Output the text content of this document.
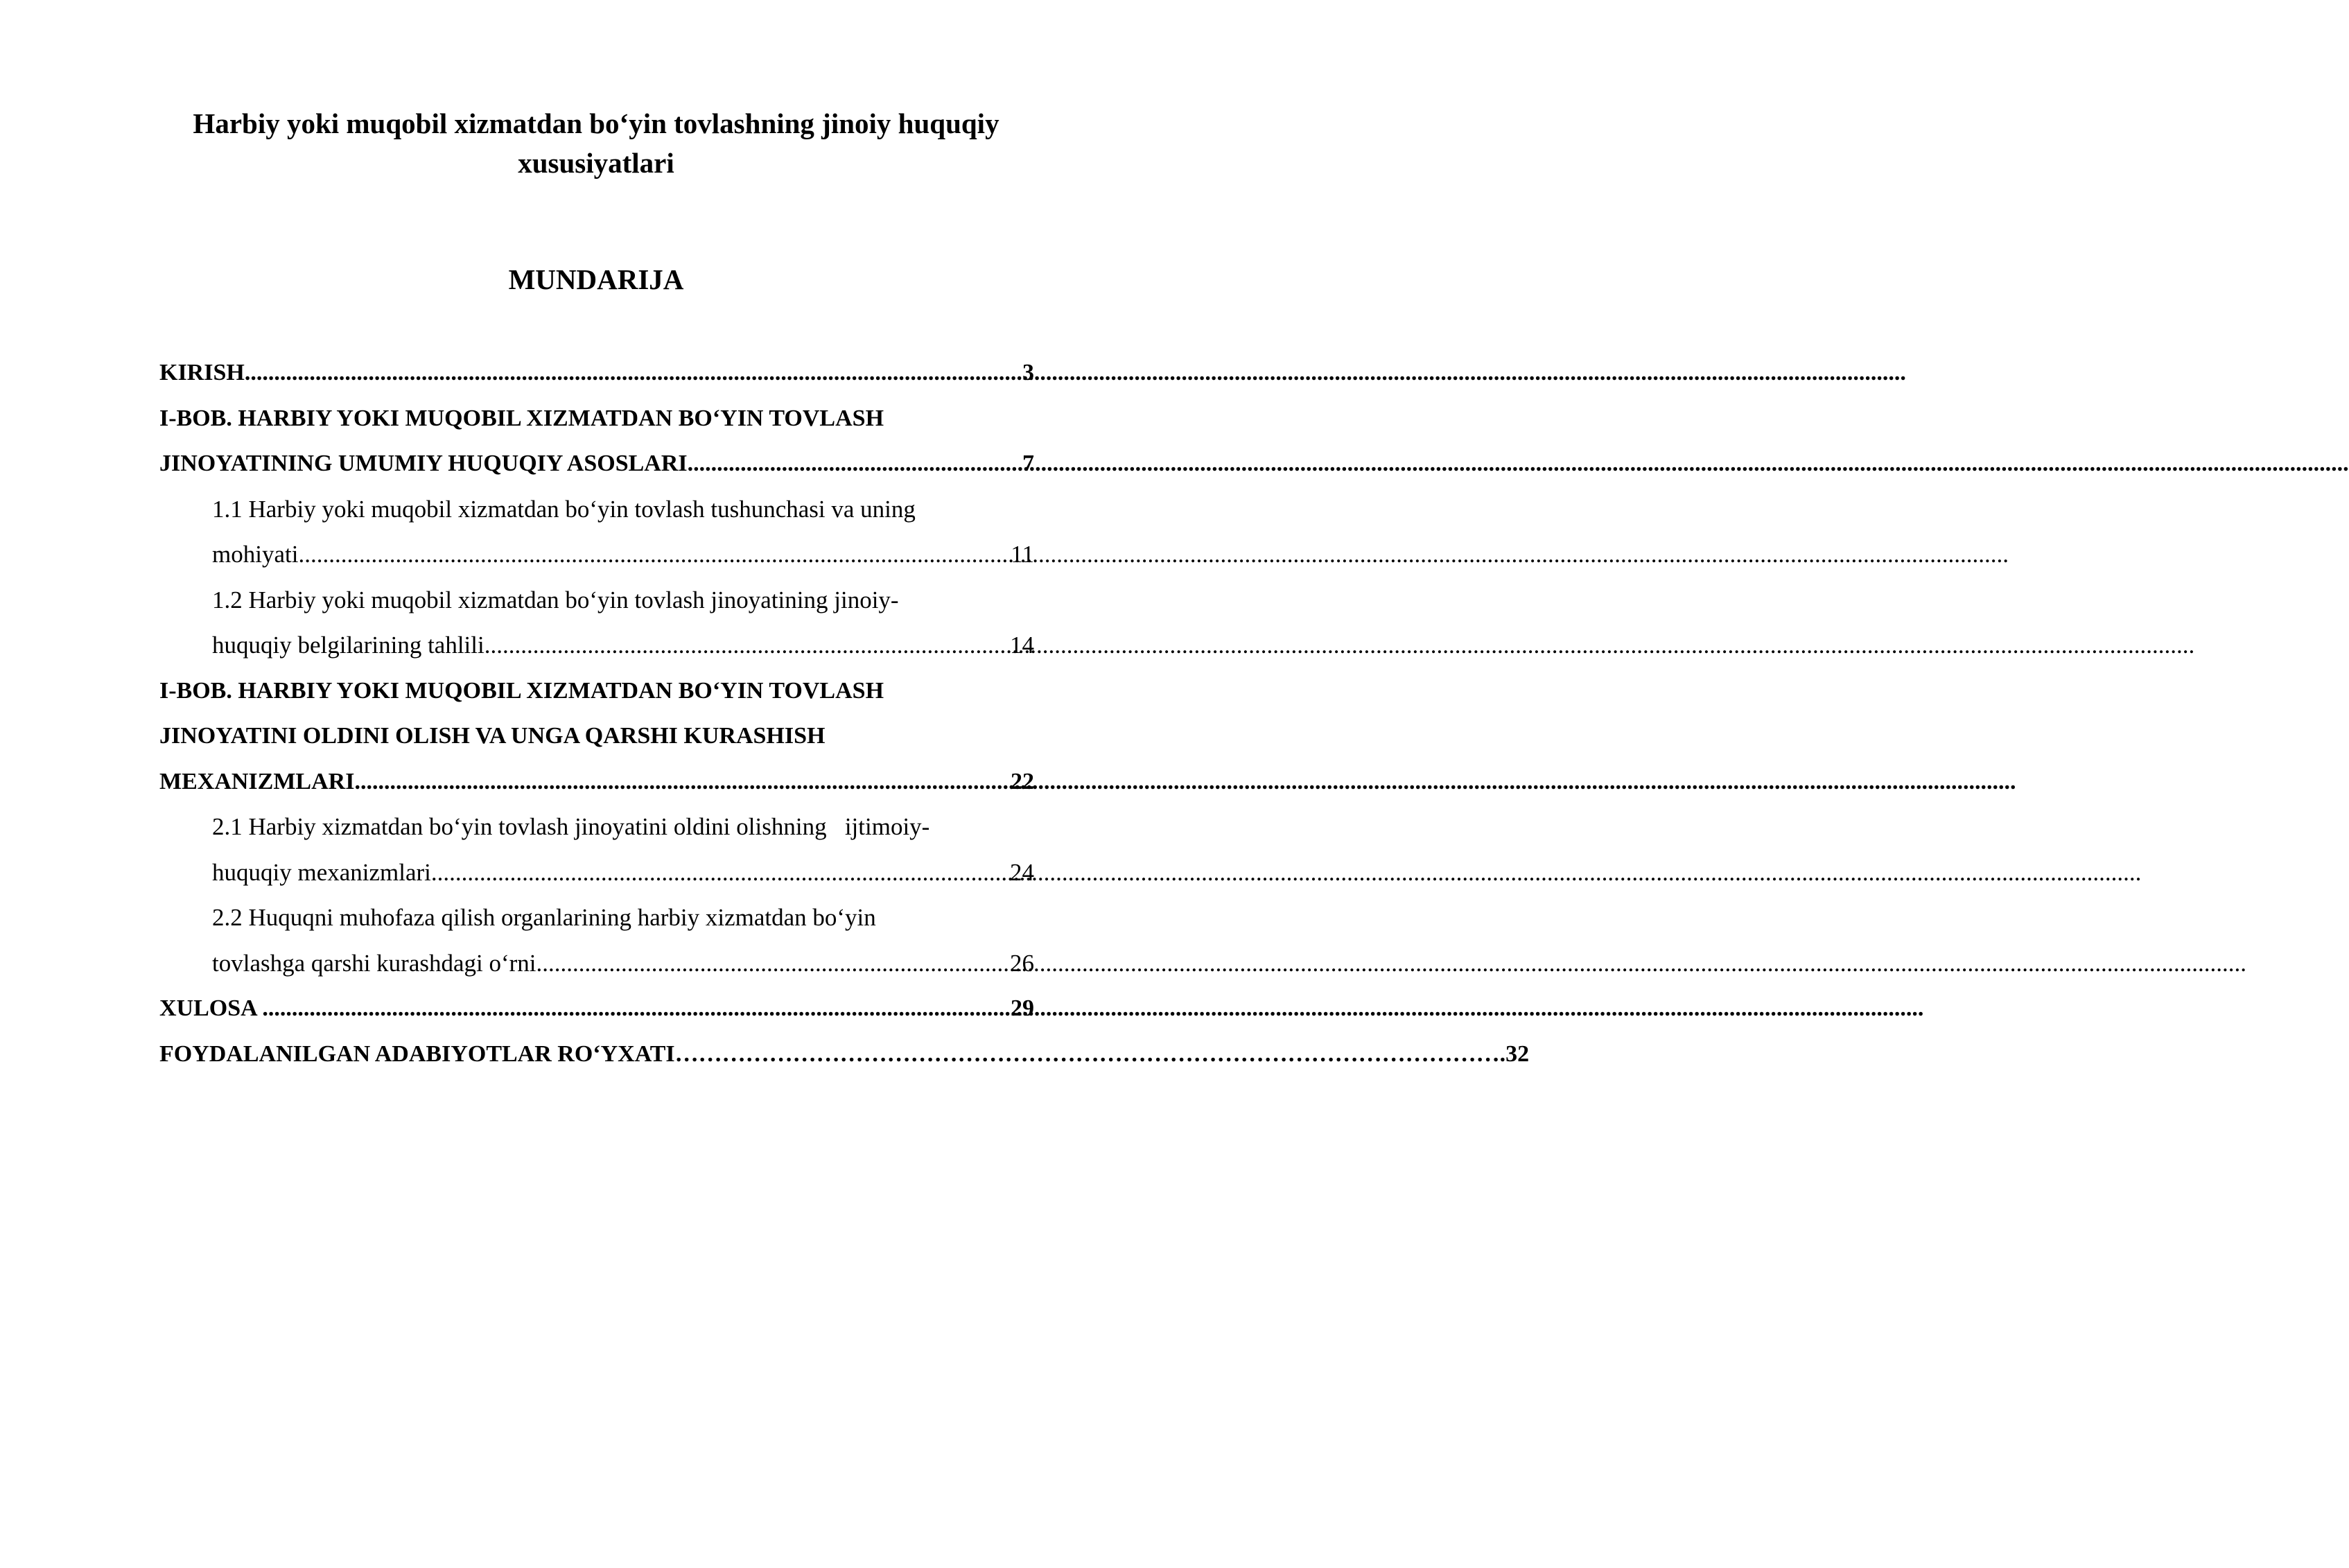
Harbiy yoki muqobil xizmatdan bo‘yin tovlashning jinoiy huquqiy xususiyatlari
MUNDARIJA
KIRISH .....	3
I-BOB. HARBIY YOKI MUQOBIL XIZMATDAN BO‘YIN TOVLASH
JINOYATINING UMUMIY HUQUQIY ASOSLARI .....	7
1.1 Harbiy yoki muqobil xizmatdan bo‘yin tovlash tushunchasi va uning
mohiyati .....	11
1.2 Harbiy yoki muqobil xizmatdan bo‘yin tovlash jinoyatining jinoiy-
huquqiy belgilarining tahlili .....	14
I-BOB. HARBIY YOKI MUQOBIL XIZMATDAN BO‘YIN TOVLASH
JINOYATINI OLDINI OLISH VA UNGA QARSHI KURASHISH
MEXANIZMLARI .....	22
2.1 Harbiy xizmatdan bo‘yin tovlash jinoyatini oldini olishning   ijtimoiy-
huquqiy mexanizmlari .....	24
2.2 Huquqni muhofaza qilish organlarining harbiy xizmatdan bo‘yin
tovlashga qarshi kurashdagi o‘rni .....	26
XULOSA .....	29
FOYDALANILGAN ADABIYOTLAR RO‘YXATI ……………………………………………………………………………………………	.32
